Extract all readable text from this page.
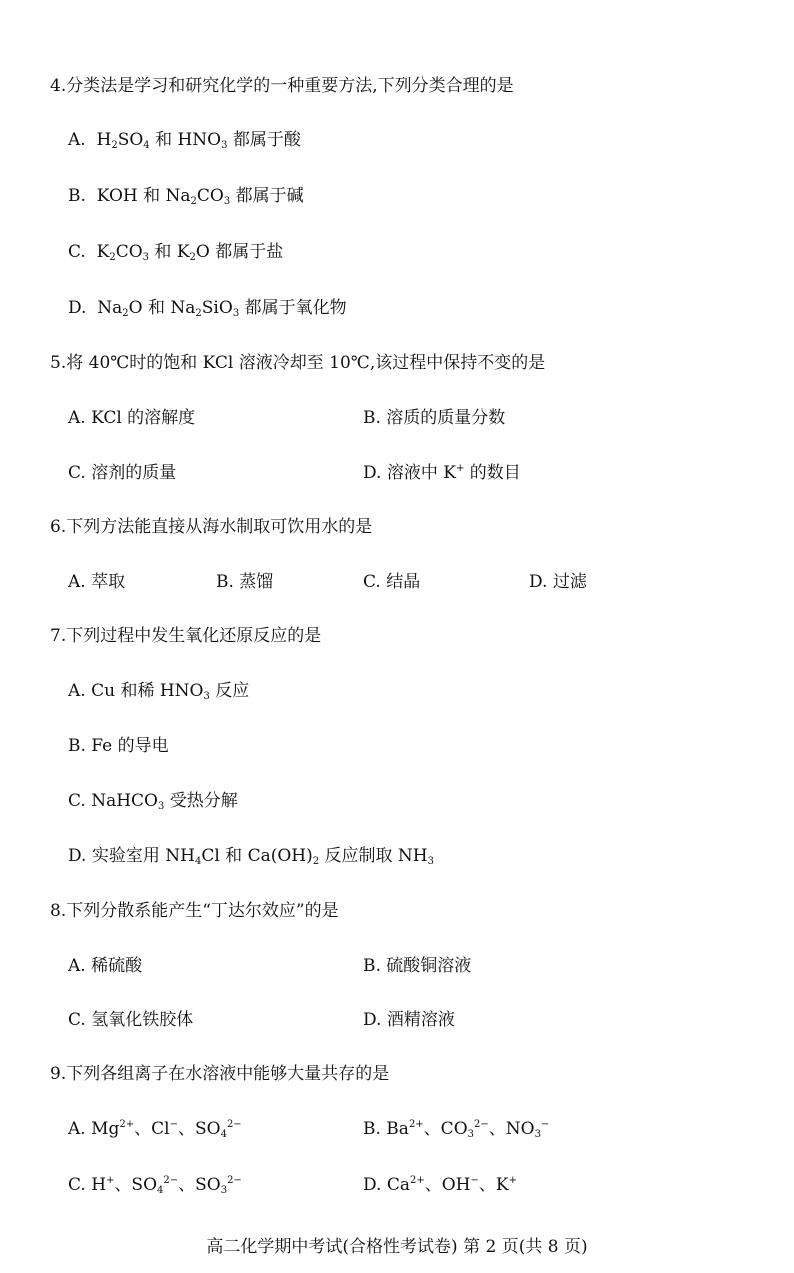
4.分类法是学习和研究化学的一种重要方法,下列分类合理的是
A. $H_2SO_4$ 和 $HNO_3$ 都属于酸
B. KOH 和 $Na_2CO_3$ 都属于碱
C. $K_2CO_3$ 和 $K_2O$ 都属于盐
D. $Na_2O$ 和 $Na_2SiO_3$ 都属于氧化物
5.将 40℃时的饱和 KCl 溶液冷却至 10℃,该过程中保持不变的是
A. KCl 的溶解度	B. 溶质的质量分数
C. 溶剂的质量	D. 溶液中 K+ 的数目
6.下列方法能直接从海水制取可饮用水的是
A. 萃取	B. 蒸馏	C. 结晶	D. 过滤
7.下列过程中发生氧化还原反应的是
A. Cu 和稀 $HNO_3$ 反应
B. Fe 的导电
C. NaHCO$_3$ 受热分解
D. 实验室用 $NH_4Cl$ 和 $Ca(OH)_2$ 反应制取 $NH_3$
8.下列分散系能产生“丁达尔效应”的是
A. 稀硫酸	B. 硫酸铜溶液
C. 氢氧化铁胶体	D. 酒精溶液
9.下列各组离子在水溶液中能够大量共存的是
A. $Mg^{2+}$、Cl−、$SO_4^{2-}$	B. $Ba^{2+}$、$CO_3^{2-}$、$NO_3^-$
C. H+、$SO_4^{2-}$、$SO_3^{2-}$	D. $Ca^{2+}$、OH−、K+
高二化学期中考试(合格性考试卷) 第 2 页(共 8 页)
